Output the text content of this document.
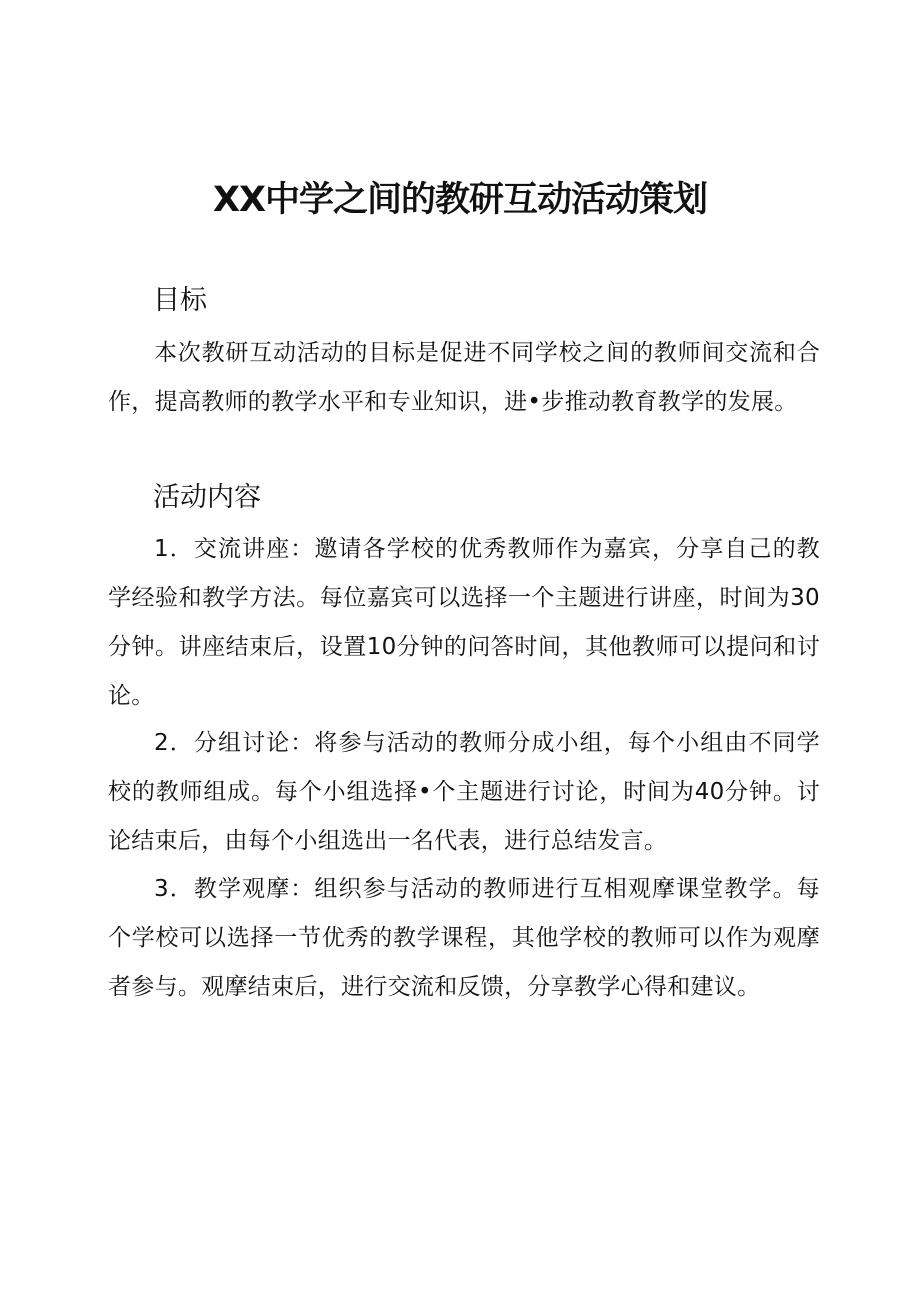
XX中学之间的教研互动活动策划
目标

本次教研互动活动的目标是促进不同学校之间的教师间交流和合作，提高教师的教学水平和专业知识，进•步推动教育教学的发展。

活动内容

1．交流讲座：邀请各学校的优秀教师作为嘉宾，分享自己的教学经验和教学方法。每位嘉宾可以选择一个主题进行讲座，时间为30分钟。讲座结束后，设置10分钟的问答时间，其他教师可以提问和讨论。

2．分组讨论：将参与活动的教师分成小组，每个小组由不同学校的教师组成。每个小组选择•个主题进行讨论，时间为40分钟。讨论结束后，由每个小组选出一名代表，进行总结发言。

3．教学观摩：组织参与活动的教师进行互相观摩课堂教学。每个学校可以选择一节优秀的教学课程，其他学校的教师可以作为观摩者参与。观摩结束后，进行交流和反馈，分享教学心得和建议。
